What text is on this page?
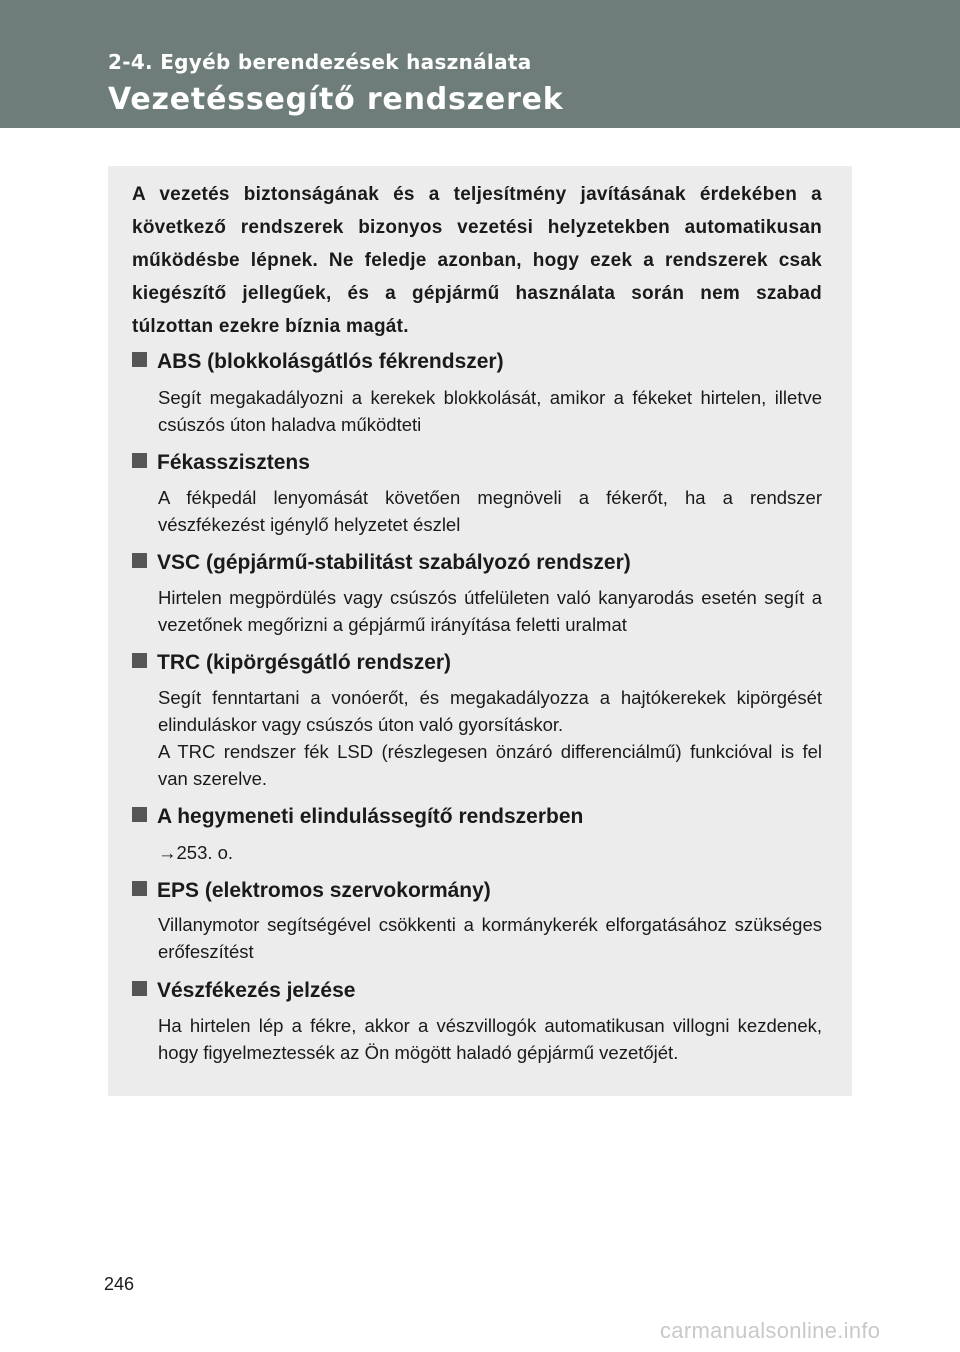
2-4. Egyéb berendezések használata
Vezetéssegítő rendszerek
A vezetés biztonságának és a teljesítmény javításának érdekében a következő rendszerek bizonyos vezetési helyzetekben automatikusan működésbe lépnek. Ne feledje azonban, hogy ezek a rendszerek csak kiegészítő jellegűek, és a gépjármű használata során nem szabad túlzottan ezekre bíznia magát.
ABS (blokkolásgátlós fékrendszer)
Segít megakadályozni a kerekek blokkolását, amikor a fékeket hirtelen, illetve csúszós úton haladva működteti
Fékasszisztens
A fékpedál lenyomását követően megnöveli a fékerőt, ha a rendszer vészfékezést igénylő helyzetet észlel
VSC (gépjármű-stabilitást szabályozó rendszer)
Hirtelen megpördülés vagy csúszós útfelületen való kanyarodás esetén segít a vezetőnek megőrizni a gépjármű irányítása feletti uralmat
TRC (kipörgésgátló rendszer)
Segít fenntartani a vonóerőt, és megakadályozza a hajtókerekek kipörgését elinduláskor vagy csúszós úton való gyorsításkor.
A TRC rendszer fék LSD (részlegesen önzáró differenciálmű) funkcióval is fel van szerelve.
A hegymeneti elindulássegítő rendszerben
→253. o.
EPS (elektromos szervokormány)
Villanymotor segítségével csökkenti a kormánykerék elforgatásához szükséges erőfeszítést
Vészfékezés jelzése
Ha hirtelen lép a fékre, akkor a vészvillogók automatikusan villogni kezdenek, hogy figyelmeztessék az Ön mögött haladó gépjármű vezetőjét.
246
carmanualsonline.info
